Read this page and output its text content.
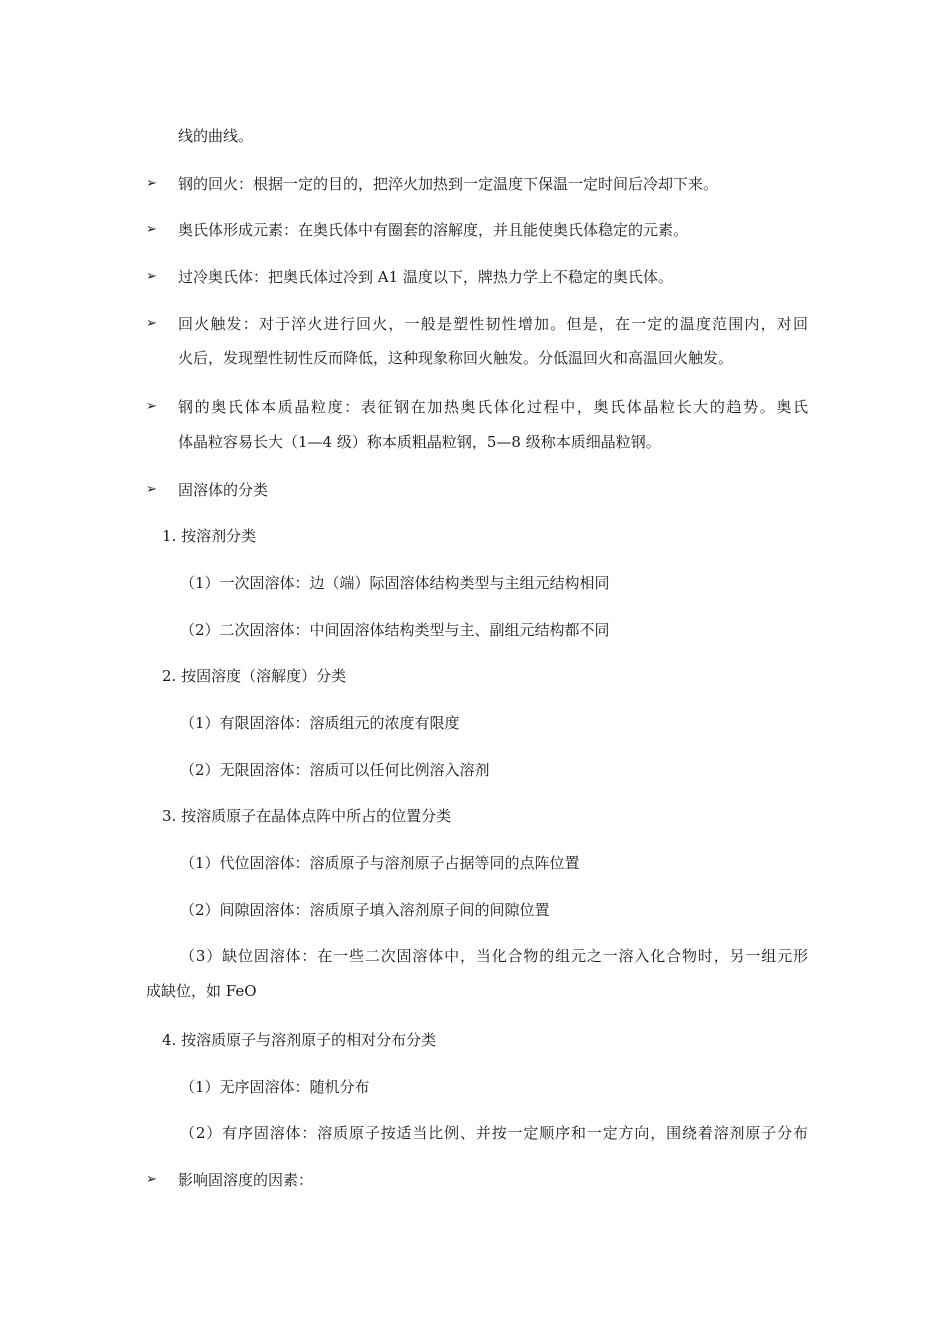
线的曲线。
➢ 钢的回火：根据一定的目的，把淬火加热到一定温度下保温一定时间后冷却下来。
➢ 奥氏体形成元素：在奥氏体中有圈套的溶解度，并且能使奥氏体稳定的元素。
➢ 过冷奥氏体：把奥氏体过冷到 A1 温度以下，牌热力学上不稳定的奥氏体。
➢ 回火触发：对于淬火进行回火，一般是塑性韧性增加。但是，在一定的温度范围内，对回
火后，发现塑性韧性反而降低，这种现象称回火触发。分低温回火和高温回火触发。
➢ 钢的奥氏体本质晶粒度：表征钢在加热奥氏体化过程中，奥氏体晶粒长大的趋势。奥氏
体晶粒容易长大（1—4 级）称本质粗晶粒钢，5—8 级称本质细晶粒钢。
➢ 固溶体的分类
1. 按溶剂分类
（1）一次固溶体：边（端）际固溶体结构类型与主组元结构相同
（2）二次固溶体：中间固溶体结构类型与主、副组元结构都不同
2. 按固溶度（溶解度）分类
（1）有限固溶体：溶质组元的浓度有限度
（2）无限固溶体：溶质可以任何比例溶入溶剂
3. 按溶质原子在晶体点阵中所占的位置分类
（1）代位固溶体：溶质原子与溶剂原子占据等同的点阵位置
（2）间隙固溶体：溶质原子填入溶剂原子间的间隙位置
（3）缺位固溶体：在一些二次固溶体中，当化合物的组元之一溶入化合物时，另一组元形
成缺位，如 FeO
4. 按溶质原子与溶剂原子的相对分布分类
（1）无序固溶体：随机分布
（2）有序固溶体：溶质原子按适当比例、并按一定顺序和一定方向，围绕着溶剂原子分布
➢ 影响固溶度的因素：
